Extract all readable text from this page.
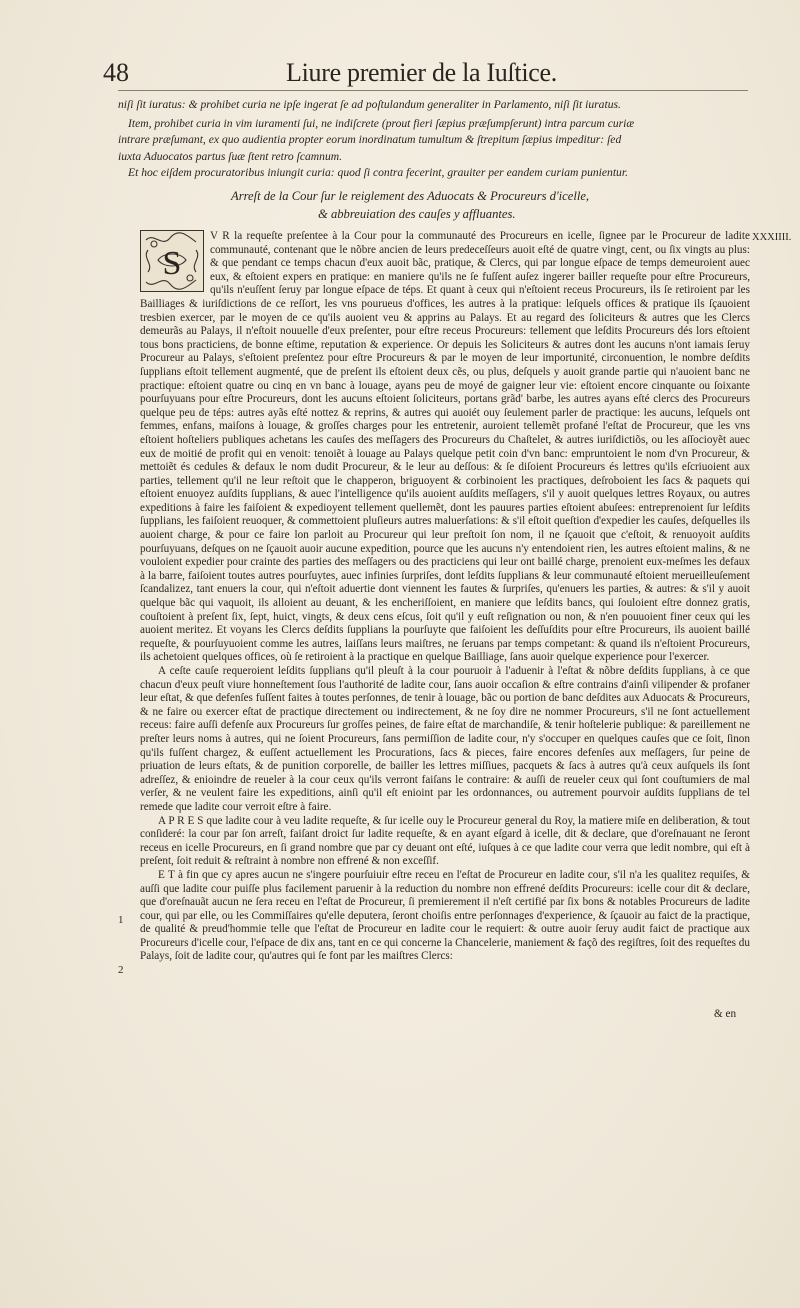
48	Liure premier de la Iuſtice.
niſi ſit iuratus: & prohibet curia ne ipſe ingerat ſe ad poſtulandum generaliter in Parlamento, niſi ſit iuratus.
Item, prohibet curia in vim iuramenti ſui, ne indiſcrete (prout fieri ſæpius præſumpſerunt) intra parcum curiæ
intrare præſumant, ex quo audientia propter eorum inordinatum tumultum & ſtrepitum ſæpius impeditur: ſed
iuxta Aduocatos partus ſuæ ſtent retro ſcamnum.
Et hoc eiſdem procuratoribus iniungit curia: quod ſi contra fecerint, grauiter per eandem curiam punientur.
Arreſt de la Cour ſur le reiglement des Aduocats & Procureurs d'icelle,
& abbreuiation des cauſes y affluantes.
XXXIIII.
S

V R la requeſte preſentee à la Cour pour la communauté des Procureurs en icelle, ſignee par le Procureur de ladite communauté, contenant que le nõbre ancien de leurs predeceſſeurs auoit eſté de quatre vingt, cent, ou ſix vingts au plus: & que pendant ce temps chacun d'eux auoit bãc, pratique, & Clercs, qui par longue eſpace de temps demeuroient auec eux, & eſtoient expers en pratique: en maniere qu'ils ne ſe fuſſent auſez ingerer bailler requeſte pour eſtre Procureurs, qu'ils n'euſſent ſeruy par longue eſpace de téps. Et quant à ceux qui n'eſtoient receus Procureurs, ils ſe retiroient par les Bailliages & iuriſdictions de ce reſſort, les vns pourueus d'offices, les autres à la pratique: leſquels offices & pratique ils ſçauoient tresbien exercer, par le moyen de ce qu'ils auoient veu & apprins au Palays. Et au regard des ſoliciteurs & autres que les Clercs demeurãs au Palays, il n'eſtoit nouuelle d'eux preſenter, pour eſtre receus Procureurs: tellement que leſdits Procureurs dés lors eſtoient tous bons practiciens, de bonne eſtime, reputation & experience. Or depuis les Soliciteurs & autres dont les aucuns n'ont iamais ſeruy Procureur au Palays, s'eſtoient preſentez pour eſtre Procureurs & par le moyen de leur importunité, circonuention, le nombre deſdits ſupplians eſtoit tellement augmenté, que de preſent ils eſtoient deux cẽs, ou plus, deſquels y auoit grande partie qui n'auoient banc ne practique: eſtoient quatre ou cinq en vn banc à louage, ayans peu de moyé de gaigner leur vie: eſtoient encore cinquante ou ſoixante pourſuyuans pour eſtre Procureurs, dont les aucuns eſtoient ſoliciteurs, portans grãd' barbe, les autres ayans eſté clercs des Procureurs quelque peu de téps: autres ayãs eſté nottez & reprins, & autres qui auoiét ouy ſeulement parler de practique: les aucuns, leſquels ont femmes, enfans, maiſons à louage, & groſſes charges pour les entretenir, auroient tellemẽt profané l'eſtat de Procureur, que les vns eſtoient hoſteliers publiques achetans les cauſes des meſſagers des Procureurs du Chaſtelet, & autres iuriſdictiõs, ou les aſſocioyẽt auec eux de moitié de profit qui en venoit: tenoiẽt à louage au Palays quelque petit coin d'vn banc: empruntoient le nom d'vn Procureur, & mettoiẽt és cedules & defaux le nom dudit Procureur, & le leur au deſſous: & ſe diſoient Procureurs és lettres qu'ils eſcriuoient aux parties, tellement qu'il ne leur reſtoit que le chapperon, briguoyent & corbinoient les practiques, deſroboient les ſacs & paquets qui eſtoient enuoyez auſdits ſupplians, & auec l'intelligence qu'ils auoient auſdits meſſagers, s'il y auoit quelques lettres Royaux, ou autres expeditions à faire les faiſoient & expedioyent tellement quellemẽt, dont les pauures parties eſtoient abuſees: entreprenoient ſur leſdits ſupplians, les faiſoient reuoquer, & commettoient pluſieurs autres maluerſations: & s'il eſtoit queſtion d'expedier les cauſes, deſquelles ils auoient charge, & pour ce faire lon parloit au Procureur qui leur preſtoit ſon nom, il ne ſçauoit que c'eſtoit, & renuoyoit auſdits pourſuyuans, deſques on ne ſçauoit auoir aucune expedition, pource que les aucuns n'y entendoient rien, les autres eſtoient malins, & ne vouloient expedier pour crainte des parties des meſſagers ou des practiciens qui leur ont baillé charge, prenoient eux-meſmes les defaux à la barre, faiſoient toutes autres pourſuytes, auec infinies ſurpriſes, dont leſdits ſupplians & leur communauté eſtoient merueilleuſement ſcandalizez, tant enuers la cour, qui n'eſtoit aduertie dont viennent les fautes & ſurpriſes, qu'enuers les parties, & autres: & s'il y auoit quelque bãc qui vaquoit, ils alloient au deuant, & les encheriſſoient, en maniere que leſdits bancs, qui ſouloient eſtre donnez gratis, couſtoient à preſent ſix, ſept, huict, vingts, & deux cens eſcus, ſoit qu'il y euſt reſignation ou non, & n'en pouuoient finer ceux qui les auoient meritez. Et voyans les Clercs deſdits ſupplians la pourſuyte que faiſoient les deſſuſdits pour eſtre Procureurs, ils auoient baillé requeſte, & pourſuyuoient comme les autres, laiſſans leurs maiſtres, ne ſeruans par temps competant: & quand ils n'eſtoient Procureurs, ils achetoient quelques offices, où ſe retiroient à la practique en quelque Bailliage, ſans auoir quelque experience pour l'exercer.

A ceſte cauſe requeroient leſdits ſupplians qu'il pleuſt à la cour pouruoir à l'aduenir à l'eſtat & nõbre deſdits ſupplians, à ce que chacun d'eux peuſt viure honneſtement ſous l'authorité de ladite cour, ſans auoir occaſion & eſtre contrains d'ainſi vilipender & profaner leur eſtat, & que defenſes fuſſent faites à toutes perſonnes, de tenir à louage, bãc ou portion de banc deſdites aux Aduocats & Procureurs, & ne faire ou exercer eſtat de practique directement ou indirectement, & ne ſoy dire ne nommer Procureurs, s'il ne ſont actuellement receus: faire auſſi defenſe aux Procureurs ſur groſſes peines, de faire eſtat de marchandiſe, & tenir hoſtelerie publique: & pareillement ne preſter leurs noms à autres, qui ne ſoient Procureurs, ſans permiſſion de ladite cour, n'y s'occuper en quelques cauſes que ce ſoit, ſinon qu'ils fuſſent chargez, & euſſent actuellement les Procurations, ſacs & pieces, faire encores defenſes aux meſſagers, ſur peine de priuation de leurs eſtats, & de punition corporelle, de bailler les lettres miſſiues, pacquets & ſacs à autres qu'à ceux auſquels ils ſont adreſſez, & enioindre de reueler à la cour ceux qu'ils verront faiſans le contraire: & auſſi de reueler ceux qui ſont couſtumiers de mal verſer, & ne veulent faire les expeditions, ainſi qu'il eſt enioint par les ordonnances, ou autrement pourvoir auſdits ſupplians de tel remede que ladite cour verroit eſtre à faire.

A P R E S que ladite cour à veu ladite requeſte, & ſur icelle ouy le Procureur general du Roy, la matiere miſe en deliberation, & tout conſideré: la cour par ſon arreſt, faiſant droict ſur ladite requeſte, & en ayant eſgard à icelle, dit & declare, que d'oreſnauant ne ſeront receus en icelle Procureurs, en ſi grand nombre que par cy deuant ont eſté, iuſques à ce que ladite cour verra que ledit nombre, qui eſt à preſent, ſoit reduit & reſtraint à nombre non effrené & non exceſſif.

E T à fin que cy apres aucun ne s'ingere pourſuiuir eſtre receu en l'eſtat de Procureur en ladite cour, s'il n'a les qualitez requiſes, & auſſi que ladite cour puiſſe plus facilement paruenir à la reduction du nombre non effrené deſdits Procureurs: icelle cour dit & declare, que d'oreſnauãt aucun ne ſera receu en l'eſtat de Procureur, ſi premierement il n'eſt certifié par ſix bons & notables Procureurs de ladite cour, qui par elle, ou les Commiſſaires qu'elle deputera, ſeront choiſis entre perſonnages d'experience, & ſçauoir au faict de la practique, de qualité & preud'hommie telle que l'eſtat de Procureur en ladite cour le requiert: & outre auoir ſeruy audit faict de practique aux Procureurs d'icelle cour, l'eſpace de dix ans, tant en ce qui concerne la Chancelerie, maniement & façõ des regiſtres, ſoit des requeſtes du Palays, ſoit de ladite cour, qu'autres qui ſe font par les maiſtres Clercs:

1
2
& en
